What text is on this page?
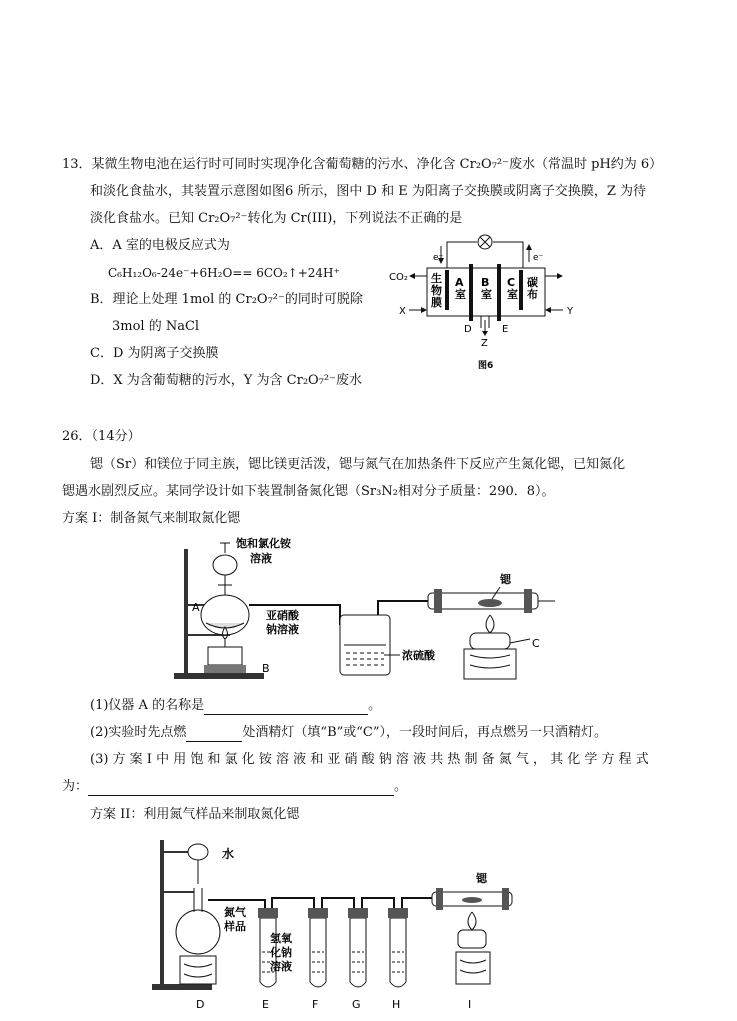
13．某微生物电池在运行时可同时实现净化含葡萄糖的污水、净化含 Cr₂O₇²⁻废水（常温时 pH约为 6）
和淡化食盐水，其装置示意图如图6 所示，图中 D 和 E 为阳离子交换膜或阴离子交换膜，Z 为待
淡化食盐水。已知 Cr₂O₇²⁻转化为 Cr(III)，下列说法不正确的是
A．A 室的电极反应式为
C₆H₁₂O₆-24e⁻+6H₂O== 6CO₂↑+24H⁺
B．理论上处理 1mol 的 Cr₂O₇²⁻的同时可脱除
3mol 的 NaCl
C．D 为阴离子交换膜
D．X 为含葡萄糖的污水，Y 为含 Cr₂O₇²⁻废水
e⁻	e⁻
CO₂
X	Y
生
物
膜
A
室
B
室
C
室
碳
布
D	E
Z
图6
26．（14分）
锶（Sr）和镁位于同主族，锶比镁更活泼，锶与氮气在加热条件下反应产生氮化锶，已知氮化
锶遇水剧烈反应。某同学设计如下装置制备氮化锶（Sr₃N₂相对分子质量：290．8）。
方案 I：制备氮气来制取氮化锶
饱和氯化铵
溶液
亚硝酸
钠溶液
A
B
C
浓硫酸
锶
(1)仪器 A 的名称是	。
(2)实验时先点燃	处酒精灯（填“B”或“C”），一段时间后，再点燃另一只酒精灯。
(3) 方 案 I 中 用 饱 和 氯 化 铵 溶 液 和 亚 硝 酸 钠 溶 液 共 热 制 备 氮 气 ， 其 化 学 方 程 式
为：	。
方案 II：利用氮气样品来制取氮化锶
水
氮气
样品
氢氧
化钠
溶液
锶
D	E	F	G	H	I
